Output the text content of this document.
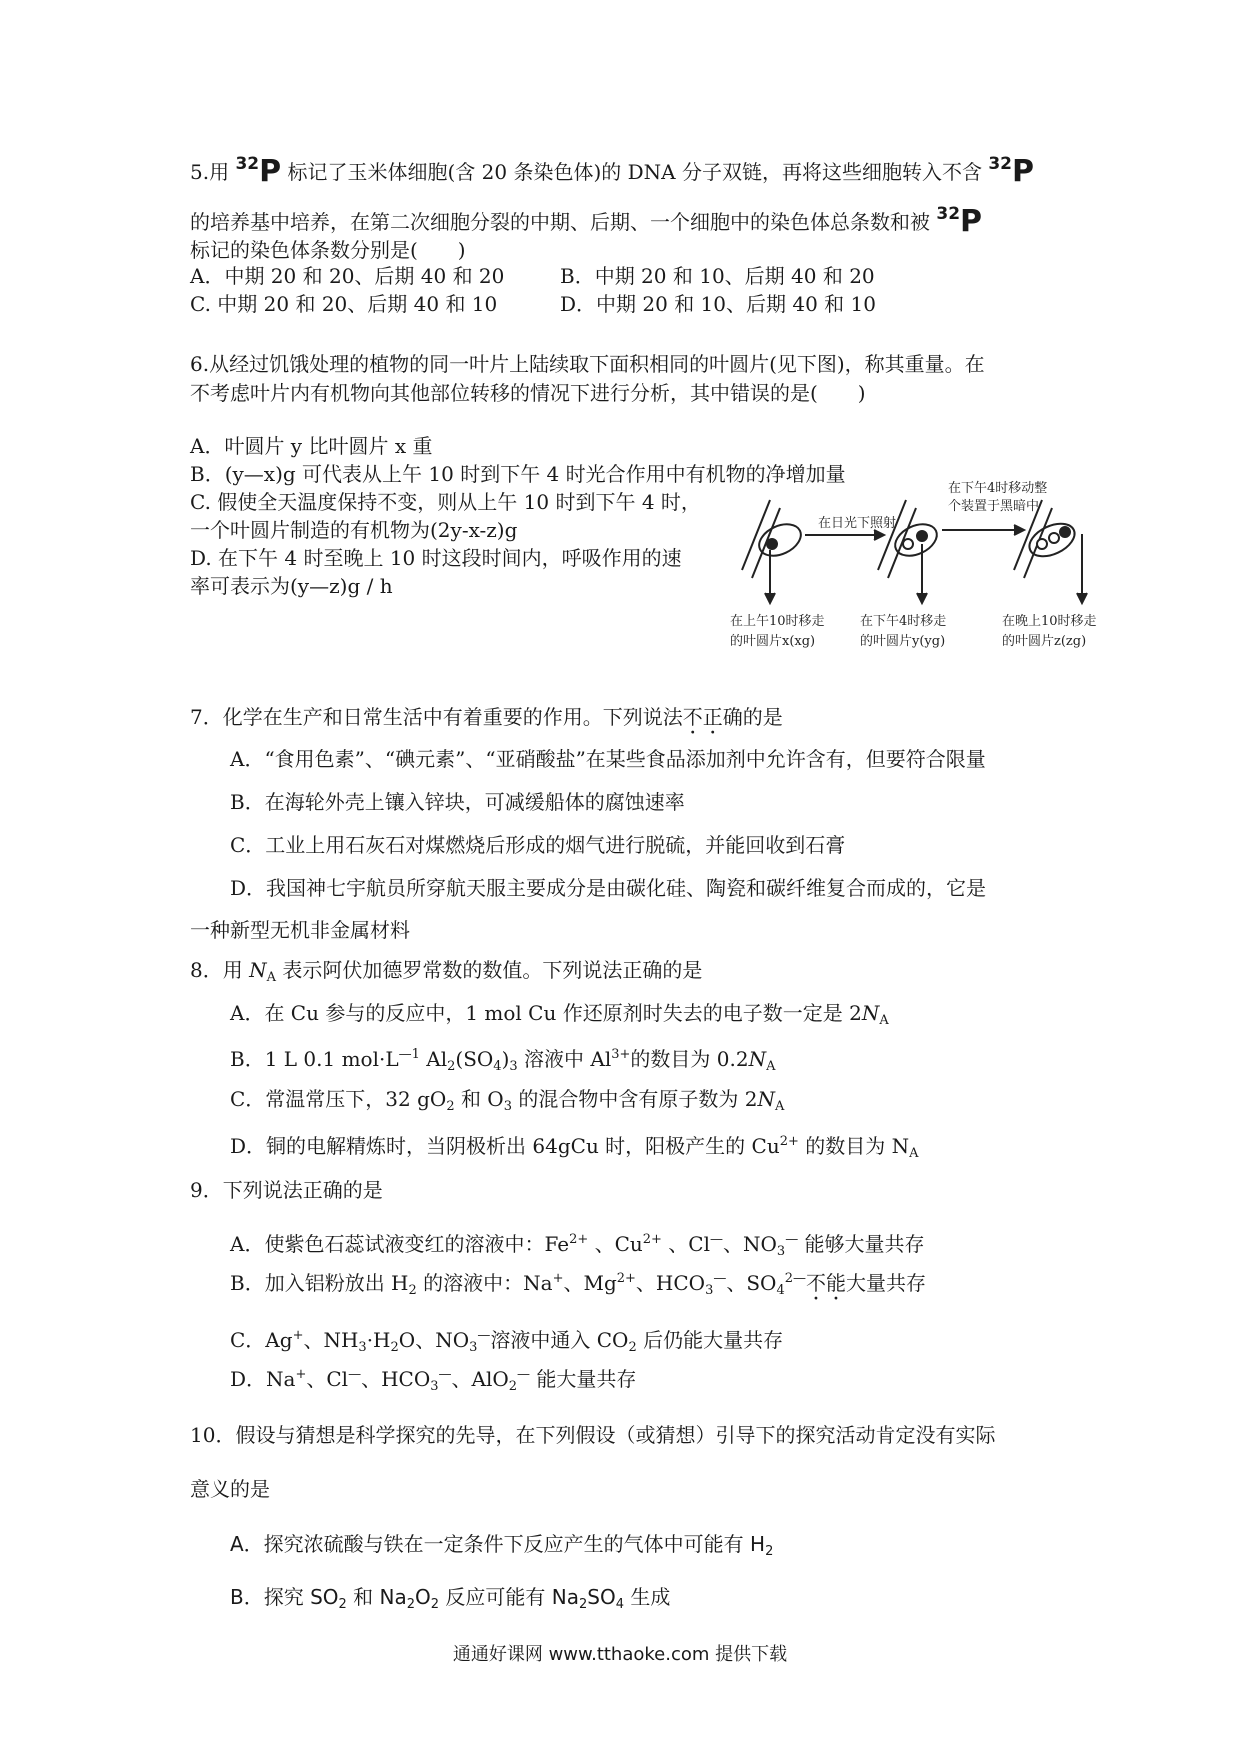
5.用 $^{32}$P 标记了玉米体细胞(含 20 条染色体)的 DNA 分子双链，再将这些细胞转入不含 $^{32}$P
的培养基中培养，在第二次细胞分裂的中期、后期、一个细胞中的染色体总条数和被 $^{32}$P
标记的染色体条数分别是(　　)
A．中期 20 和 20、后期 40 和 20	B．中期 20 和 10、后期 40 和 20
C. 中期 20 和 20、后期 40 和 10	D．中期 20 和 10、后期 40 和 10
6.从经过饥饿处理的植物的同一叶片上陆续取下面积相同的叶圆片(见下图)，称其重量。在
不考虑叶片内有机物向其他部位转移的情况下进行分析，其中错误的是(　　)
A．叶圆片 y 比叶圆片 x 重
B．(y—x)g 可代表从上午 10 时到下午 4 时光合作用中有机物的净增加量
C. 假使全天温度保持不变，则从上午 10 时到下午 4 时，
一个叶圆片制造的有机物为(2y-x-z)g
D. 在下午 4 时至晚上 10 时这段时间内，呼吸作用的速
率可表示为(y—z)g / h
在日光下照射
在下午4时移动整
个装置于黑暗中
在上午10时移走
的叶圆片x(xg)
在下午4时移走
的叶圆片y(yg)
在晚上10时移走
的叶圆片z(zg)
7．化学在生产和日常生活中有着重要的作用。下列说法不正确的是
A．“食用色素”、“碘元素”、“亚硝酸盐”在某些食品添加剂中允许含有，但要符合限量
B．在海轮外壳上镶入锌块，可减缓船体的腐蚀速率
C．工业上用石灰石对煤燃烧后形成的烟气进行脱硫，并能回收到石膏
D．我国神七宇航员所穿航天服主要成分是由碳化硅、陶瓷和碳纤维复合而成的，它是
一种新型无机非金属材料
8．用 $N_A$ 表示阿伏加德罗常数的数值。下列说法正确的是
A．在 Cu 参与的反应中，1 mol Cu 作还原剂时失去的电子数一定是 $2N_A$
B．1 L 0.1 $mol\cdot L^{—1}$ $Al_2(SO_4)_3$ 溶液中 $Al^{3+}$的数目为 $0.2N_A$
C．常温常压下，32 $gO_2$ 和 $O_3$ 的混合物中含有原子数为 $2N_A$
D．铜的电解精炼时，当阴极析出 64gCu 时，阳极产生的 $Cu^{2+}$ 的数目为 $N_A$
9．下列说法正确的是
A．使紫色石蕊试液变红的溶液中：$Fe^{2+}$ 、$Cu^{2+}$ 、Cl—、$NO_3^—$ 能够大量共存
B．加入铝粉放出 $H_2$ 的溶液中：Na+、$Mg^{2+}$、$HCO_3^—$、$SO_4^{2—}$不能大量共存
C．Ag+、$NH_3\cdot H_2O$、$NO_3^—$溶液中通入 $CO_2$ 后仍能大量共存
D．Na+、Cl—、$HCO_3^—$、AlO$_2$— 能大量共存
10．假设与猜想是科学探究的先导，在下列假设（或猜想）引导下的探究活动肯定没有实际
意义的是
A．探究浓硫酸与铁在一定条件下反应产生的气体中可能有 $H_2$
B．探究 $SO_2$ 和 $Na_2O_2$ 反应可能有 $Na_2SO_4$ 生成
通通好课网 www.tthaoke.com 提供下载
